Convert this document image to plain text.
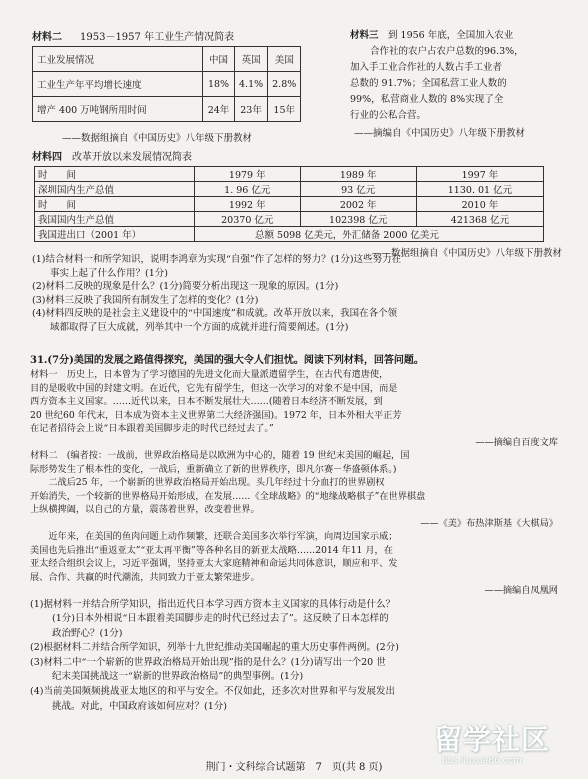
材料二 1953－1957 年工业生产情况简表
工业发展情况	中国	英国	美国
工业生产年平均增长速度	18%	4.1%	2.8%
增产 400 万吨钢所用时间	24年	23年	15年
——数据组摘自《中国历史》八年级下册教材
材料三　 到 1956 年底，全国加入农业
合作社的农户占农户总数的96.3%，
加入手工业合作社的人数占手工业者
总数的 91.7%；全国私营工业人数的
99%，私营商业人数的 8%实现了全
行业的公私合营。
——摘编自《中国历史》八年级下册教材
材料四 改革开放以来发展情况简表
时　　间	1979 年	1989 年	1997 年
深圳国内生产总值	1. 96 亿元	93 亿元	1130. 01 亿元
时　　间	1992 年	2002 年	2010 年
我国国内生产总值	20370 亿元	102398 亿元	421368 亿元
我国进出口（2001 年）	总额 5098 亿美元，外汇储备 2000 亿美元		
——数据组摘自《中国历史》八年级下册教材

(1)结合材料一和所学知识，说明李鸿章为实现“自强”作了怎样的努力？(1分)这些努力在

事实上起了什么作用？(1分)

(2)材料二反映的现象是什么？(1分)简要分析出现这一现象的原因。(1分)

(3)材料三反映了我国所有制发生了怎样的变化？(1分)

(4)材料四反映的是社会主义建设中的“中国速度”和成就。改革开放以来，我国在各个领

域都取得了巨大成就，列举其中一个方面的成就并进行简要阐述。(1分)

31.(7分)美国的发展之路值得探究，美国的强大令人们担忧。阅读下列材料，回答问题。
材料一　历史上，日本曾为了学习德国的先进文化而大量派遣留学生，在古代有遣唐使，
目的是吸收中国的封建文明。在近代，它先有留学生，但这一次学习的对象不是中国，而是
西方资本主义国家。……近代以来，日本不断发展壮大……(随着日本经济不断发展，到
20 世纪60 年代末，日本成为资本主义世界第二大经济强国)。1972 年，日本外相大平正芳
在记者招待会上说“日本跟着美国脚步走的时代已经过去了。”
——摘编自百度文库
材料二　(编者按：一战前，世界政治格局是以欧洲为中心的，随着 19 世纪末美国的崛起，国
际形势发生了根本性的变化，一战后，重新确立了新的世界秩序，即凡尔赛－华盛顿体系。)
　　二战后25 年，一个崭新的世界政治格局开始出现。头几年经过十分血打的世界剧权
开始消失，一个较新的世界格局开始形成，在发展……《全球战略》的“地缘战略棋子”在世界棋盘
上纵横捭阖，以自己的方量，震荡着世界，改变着世界。
——《美》布热津斯基《大棋局》
　　近年来，在美国的鱼肉问题上动作频繁，还联合美国多次举行军演，向周边国家示威；
美国也先后推出“重返亚太”“亚太再平衡”等各种名目的新亚太战略……2014 年11 月，在
亚太经合组织会议上，习近平强调，坚持亚太大家庭精神和命运共同体意识，顺应和平、发
展、合作、共赢的时代潮流，共同致力于亚太繁荣进步。
——摘编自凤凰网
(1)据材料一并结合所学知识，指出近代日本学习西方资本主义国家的具体行动是什么？
(1分)日本外相说“日本跟着美国脚步走的时代已经过去了”。这反映了日本怎样的
政治野心？(1分)
(2)根据材料二并结合所学知识，列举十九世纪推动美国崛起的重大历史事件两例。(2分)
(3)材料二中“一个崭新的世界政治格局开始出现”指的是什么？(1分)请写出一个20 世
纪末美国挑战这一“崭新的世界政治格局”的典型事例。(1分)
(4)当前美国频频挑战亚太地区的和平与安全。不仅如此，还多次对世界和平与发展发出
挑战。对此，中国政府该如何应对？(1分)
荆门・文科综合试题第　7　页(共 8 页)
留学社区
bbs.liuxue86.com
